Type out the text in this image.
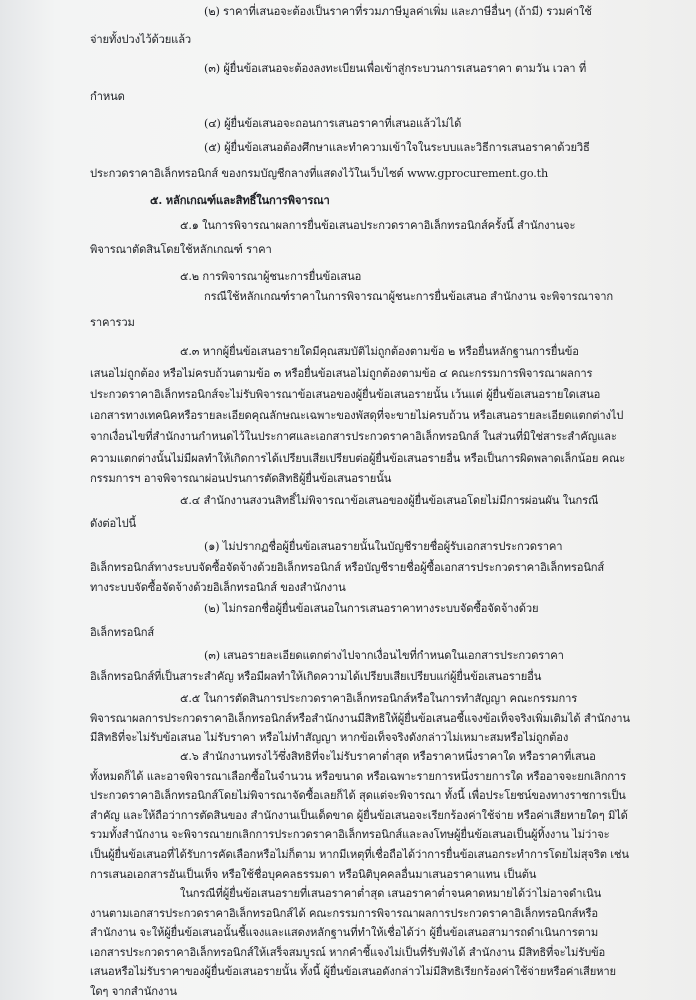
(๒) ราคาที่เสนอจะต้องเป็นราคาที่รวมภาษีมูลค่าเพิ่ม และภาษีอื่นๆ (ถ้ามี) รวมค่าใช้
จ่ายทั้งปวงไว้ด้วยแล้ว
(๓) ผู้ยื่นข้อเสนอจะต้องลงทะเบียนเพื่อเข้าสู่กระบวนการเสนอราคา ตามวัน เวลา ที่
กำหนด
(๔) ผู้ยื่นข้อเสนอจะถอนการเสนอราคาที่เสนอแล้วไม่ได้
(๕) ผู้ยื่นข้อเสนอต้องศึกษาและทำความเข้าใจในระบบและวิธีการเสนอราคาด้วยวิธี
ประกวดราคาอิเล็กทรอนิกส์ ของกรมบัญชีกลางที่แสดงไว้ในเว็บไซต์ www.gprocurement.go.th
๕. หลักเกณฑ์และสิทธิ์ในการพิจารณา
๕.๑ ในการพิจารณาผลการยื่นข้อเสนอประกวดราคาอิเล็กทรอนิกส์ครั้งนี้ สำนักงานจะ
พิจารณาตัดสินโดยใช้หลักเกณฑ์ ราคา
๕.๒ การพิจารณาผู้ชนะการยื่นข้อเสนอ
กรณีใช้หลักเกณฑ์ราคาในการพิจารณาผู้ชนะการยื่นข้อเสนอ สำนักงาน จะพิจารณาจาก
ราคารวม
๕.๓ หากผู้ยื่นข้อเสนอรายใดมีคุณสมบัติไม่ถูกต้องตามข้อ ๒ หรือยื่นหลักฐานการยื่นข้อ
เสนอไม่ถูกต้อง หรือไม่ครบถ้วนตามข้อ ๓ หรือยื่นข้อเสนอไม่ถูกต้องตามข้อ ๔ คณะกรรมการพิจารณาผลการ
ประกวดราคาอิเล็กทรอนิกส์จะไม่รับพิจารณาข้อเสนอของผู้ยื่นข้อเสนอรายนั้น เว้นแต่ ผู้ยื่นข้อเสนอรายใดเสนอ
เอกสารทางเทคนิคหรือรายละเอียดคุณลักษณะเฉพาะของพัสดุที่จะขายไม่ครบถ้วน หรือเสนอรายละเอียดแตกต่างไป
จากเงื่อนไขที่สำนักงานกำหนดไว้ในประกาศและเอกสารประกวดราคาอิเล็กทรอนิกส์ ในส่วนที่มิใช่สาระสำคัญและ
ความแตกต่างนั้นไม่มีผลทำให้เกิดการได้เปรียบเสียเปรียบต่อผู้ยื่นข้อเสนอรายอื่น หรือเป็นการผิดพลาดเล็กน้อย คณะ
กรรมการฯ อาจพิจารณาผ่อนปรนการตัดสิทธิผู้ยื่นข้อเสนอรายนั้น
๕.๔ สำนักงานสงวนสิทธิ์ไม่พิจารณาข้อเสนอของผู้ยื่นข้อเสนอโดยไม่มีการผ่อนผัน ในกรณี
ดังต่อไปนี้
(๑) ไม่ปรากฏชื่อผู้ยื่นข้อเสนอรายนั้นในบัญชีรายชื่อผู้รับเอกสารประกวดราคา
อิเล็กทรอนิกส์ทางระบบจัดซื้อจัดจ้างด้วยอิเล็กทรอนิกส์ หรือบัญชีรายชื่อผู้ซื้อเอกสารประกวดราคาอิเล็กทรอนิกส์
ทางระบบจัดซื้อจัดจ้างด้วยอิเล็กทรอนิกส์ ของสำนักงาน
(๒) ไม่กรอกชื่อผู้ยื่นข้อเสนอในการเสนอราคาทางระบบจัดซื้อจัดจ้างด้วย
อิเล็กทรอนิกส์
(๓) เสนอรายละเอียดแตกต่างไปจากเงื่อนไขที่กำหนดในเอกสารประกวดราคา
อิเล็กทรอนิกส์ที่เป็นสาระสำคัญ หรือมีผลทำให้เกิดความได้เปรียบเสียเปรียบแก่ผู้ยื่นข้อเสนอรายอื่น
๕.๕ ในการตัดสินการประกวดราคาอิเล็กทรอนิกส์หรือในการทำสัญญา คณะกรรมการ
พิจารณาผลการประกวดราคาอิเล็กทรอนิกส์หรือสำนักงานมีสิทธิให้ผู้ยื่นข้อเสนอชี้แจงข้อเท็จจริงเพิ่มเติมได้ สำนักงาน
มีสิทธิที่จะไม่รับข้อเสนอ ไม่รับราคา หรือไม่ทำสัญญา หากข้อเท็จจริงดังกล่าวไม่เหมาะสมหรือไม่ถูกต้อง
๕.๖ สำนักงานทรงไว้ซึ่งสิทธิที่จะไม่รับราคาต่ำสุด หรือราคาหนึ่งราคาใด หรือราคาที่เสนอ
ทั้งหมดก็ได้ และอาจพิจารณาเลือกซื้อในจำนวน หรือขนาด หรือเฉพาะรายการหนึ่งรายการใด หรืออาจจะยกเลิกการ
ประกวดราคาอิเล็กทรอนิกส์โดยไม่พิจารณาจัดซื้อเลยก็ได้ สุดแต่จะพิจารณา ทั้งนี้ เพื่อประโยชน์ของทางราชการเป็น
สำคัญ และให้ถือว่าการตัดสินของ สำนักงานเป็นเด็ดขาด ผู้ยื่นข้อเสนอจะเรียกร้องค่าใช้จ่าย หรือค่าเสียหายใดๆ มิได้
รวมทั้งสำนักงาน จะพิจารณายกเลิกการประกวดราคาอิเล็กทรอนิกส์และลงโทษผู้ยื่นข้อเสนอเป็นผู้ทิ้งงาน ไม่ว่าจะ
เป็นผู้ยื่นข้อเสนอที่ได้รับการคัดเลือกหรือไม่ก็ตาม หากมีเหตุที่เชื่อถือได้ว่าการยื่นข้อเสนอกระทำการโดยไม่สุจริต เช่น
การเสนอเอกสารอันเป็นเท็จ หรือใช้ชื่อบุคคลธรรมดา หรือนิติบุคคลอื่นมาเสนอราคาแทน เป็นต้น
ในกรณีที่ผู้ยื่นข้อเสนอรายที่เสนอราคาต่ำสุด เสนอราคาต่ำจนคาดหมายได้ว่าไม่อาจดำเนิน
งานตามเอกสารประกวดราคาอิเล็กทรอนิกส์ได้ คณะกรรมการพิจารณาผลการประกวดราคาอิเล็กทรอนิกส์หรือ
สำนักงาน จะให้ผู้ยื่นข้อเสนอนั้นชี้แจงและแสดงหลักฐานที่ทำให้เชื่อได้ว่า ผู้ยื่นข้อเสนอสามารถดำเนินการตาม
เอกสารประกวดราคาอิเล็กทรอนิกส์ให้เสร็จสมบูรณ์ หากคำชี้แจงไม่เป็นที่รับฟังได้ สำนักงาน มีสิทธิที่จะไม่รับข้อ
เสนอหรือไม่รับราคาของผู้ยื่นข้อเสนอรายนั้น ทั้งนี้ ผู้ยื่นข้อเสนอดังกล่าวไม่มีสิทธิเรียกร้องค่าใช้จ่ายหรือค่าเสียหาย
ใดๆ จากสำนักงาน
